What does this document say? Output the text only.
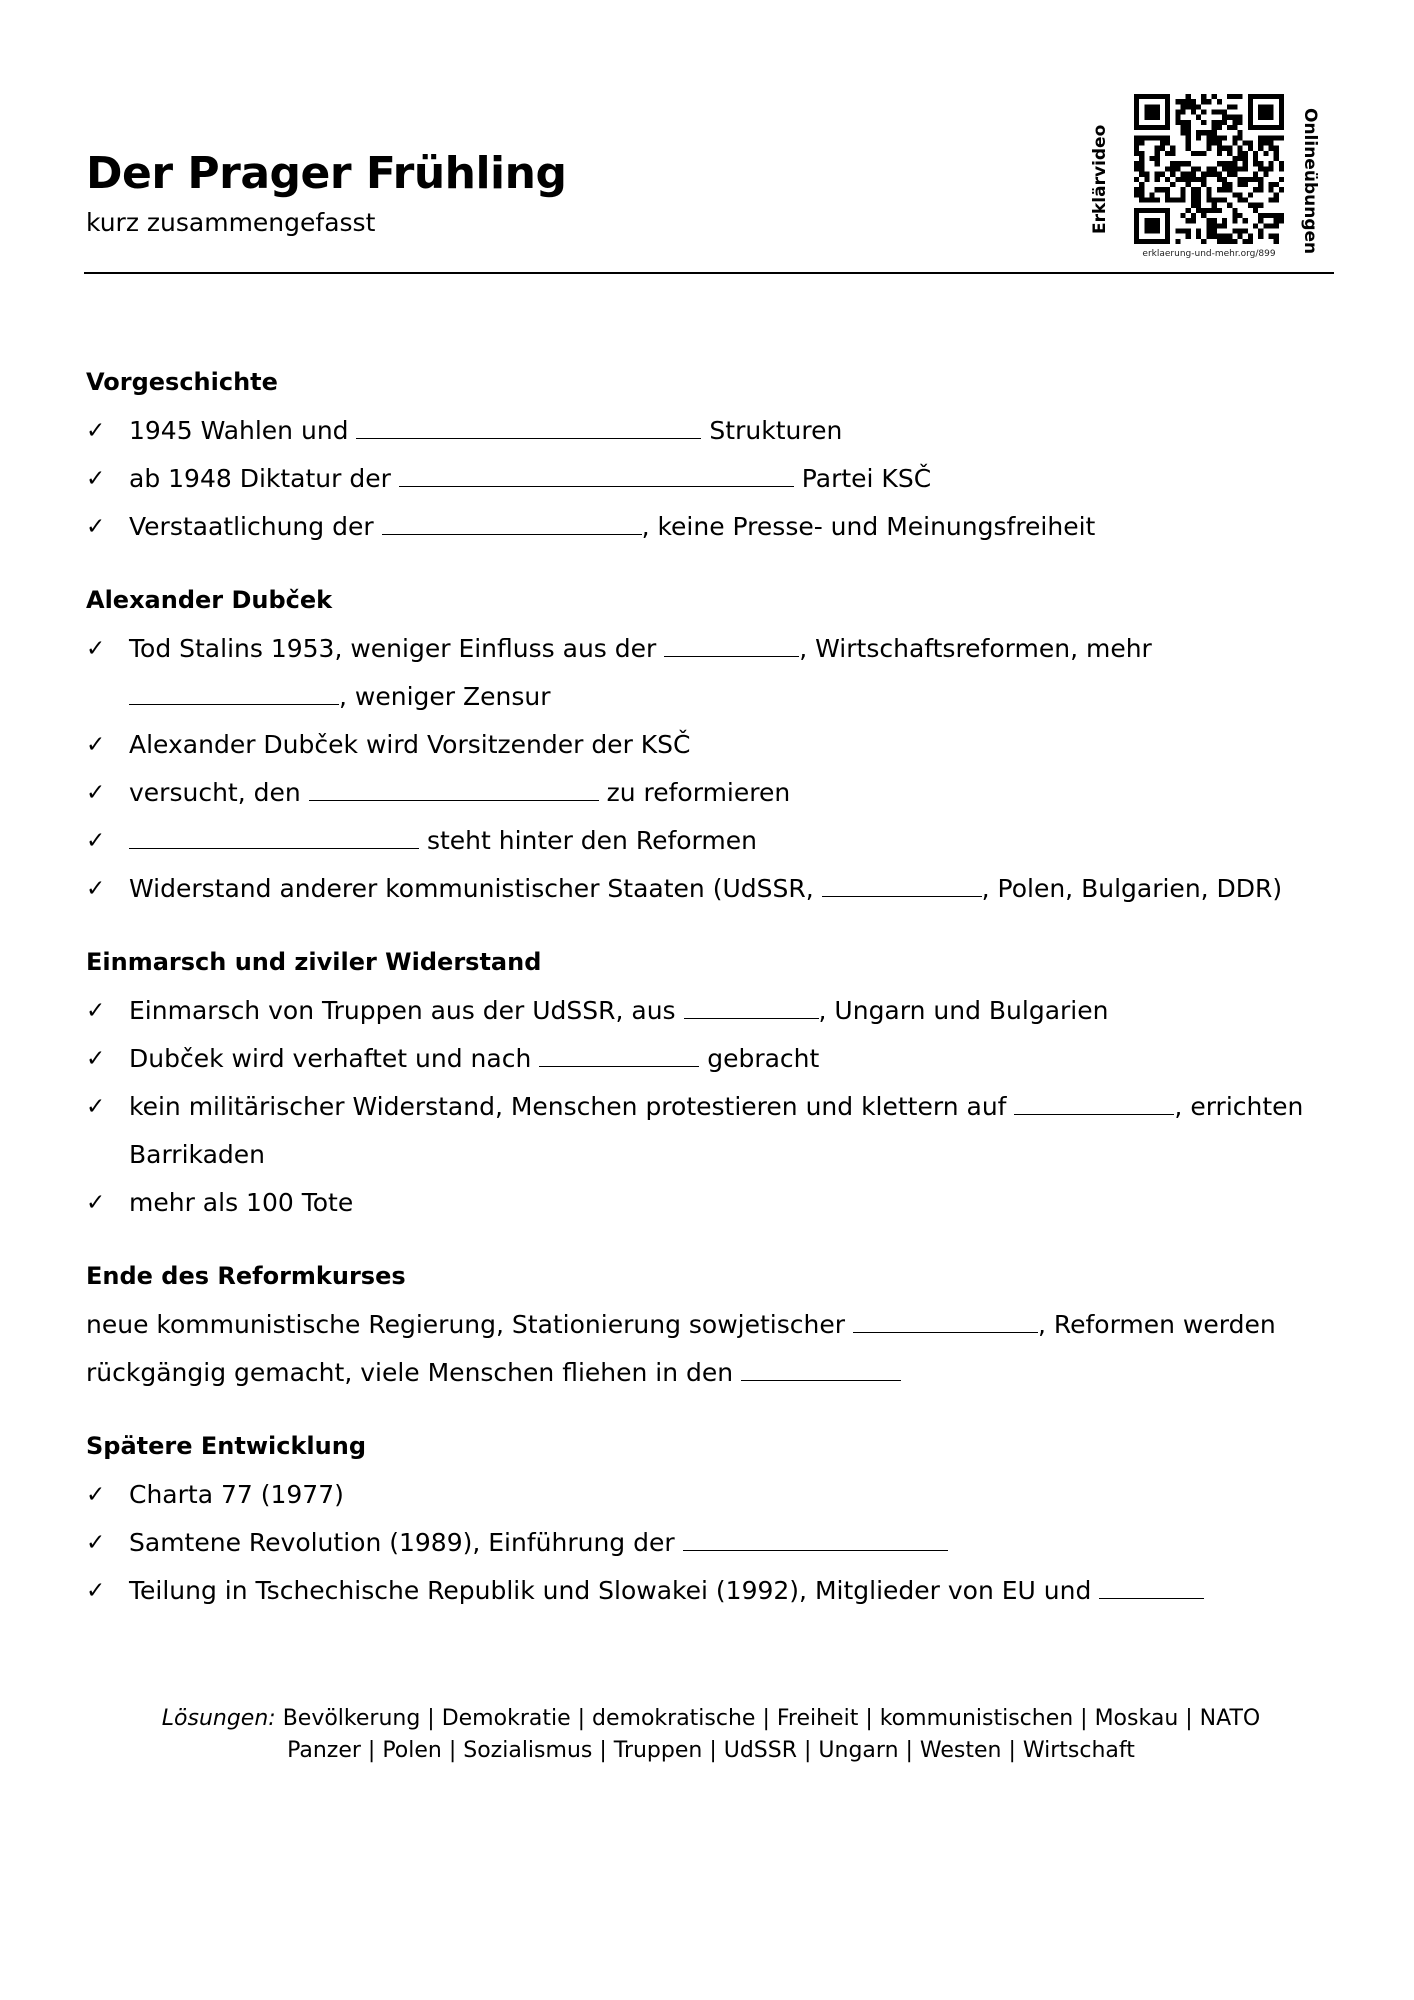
Der Prager Frühling

kurz zusammengefasst	Erklärvideo	Onlineübungen
erklaerung-und-mehr.org/899
Vorgeschichte
✓ 1945 Wahlen und	Strukturen
✓ ab 1948 Diktatur der	Partei KSČ
✓ Verstaatlichung der	, keine Presse- und Meinungsfreiheit
Alexander Dubček
✓ Tod Stalins 1953, weniger Einfluss aus der	, Wirtschaftsreformen, mehr
, weniger Zensur
✓ Alexander Dubček wird Vorsitzender der KSČ
✓ versucht, den	zu reformieren
✓	steht hinter den Reformen
✓ Widerstand anderer kommunistischer Staaten (UdSSR,	, Polen, Bulgarien, DDR)
Einmarsch und ziviler Widerstand
✓ Einmarsch von Truppen aus der UdSSR, aus	, Ungarn und Bulgarien
✓ Dubček wird verhaftet und nach	gebracht
✓ kein militärischer Widerstand, Menschen protestieren und klettern auf	, errichten
Barrikaden
✓ mehr als 100 Tote
Ende des Reformkurses
neue kommunistische Regierung, Stationierung sowjetischer	, Reformen werden
rückgängig gemacht, viele Menschen fliehen in den
Spätere Entwicklung
✓ Charta 77 (1977)
✓ Samtene Revolution (1989), Einführung der
✓ Teilung in Tschechische Republik und Slowakei (1992), Mitglieder von EU und
Lösungen: Bevölkerung | Demokratie | demokratische | Freiheit | kommunistischen | Moskau | NATO
Panzer | Polen | Sozialismus | Truppen | UdSSR | Ungarn | Westen | Wirtschaft
